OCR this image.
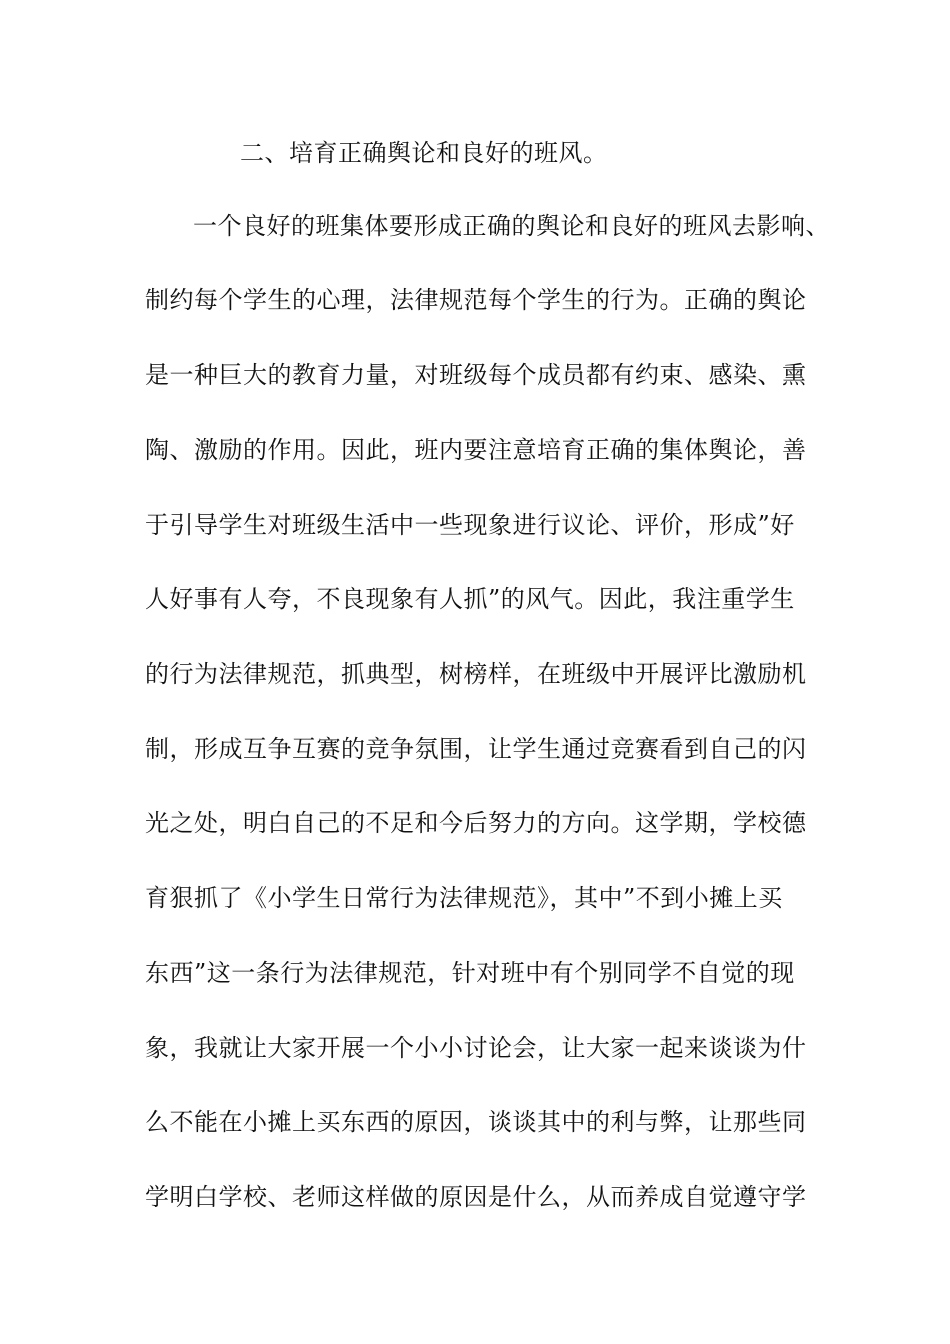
二、培育正确舆论和良好的班风。

一个良好的班集体要形成正确的舆论和良好的班风去影响、

制约每个学生的心理，法律规范每个学生的行为。正确的舆论

是一种巨大的教育力量，对班级每个成员都有约束、感染、熏

陶、激励的作用。因此，班内要注意培育正确的集体舆论，善

于引导学生对班级生活中一些现象进行议论、评价，形成”好

人好事有人夸，不良现象有人抓”的风气。因此，我注重学生

的行为法律规范，抓典型，树榜样，在班级中开展评比激励机

制，形成互争互赛的竞争氛围，让学生通过竞赛看到自己的闪

光之处，明白自己的不足和今后努力的方向。这学期，学校德

育狠抓了《小学生日常行为法律规范》，其中”不到小摊上买

东西”这一条行为法律规范，针对班中有个别同学不自觉的现

象，我就让大家开展一个小小讨论会，让大家一起来谈谈为什

么不能在小摊上买东西的原因，谈谈其中的利与弊，让那些同

学明白学校、老师这样做的原因是什么，从而养成自觉遵守学
